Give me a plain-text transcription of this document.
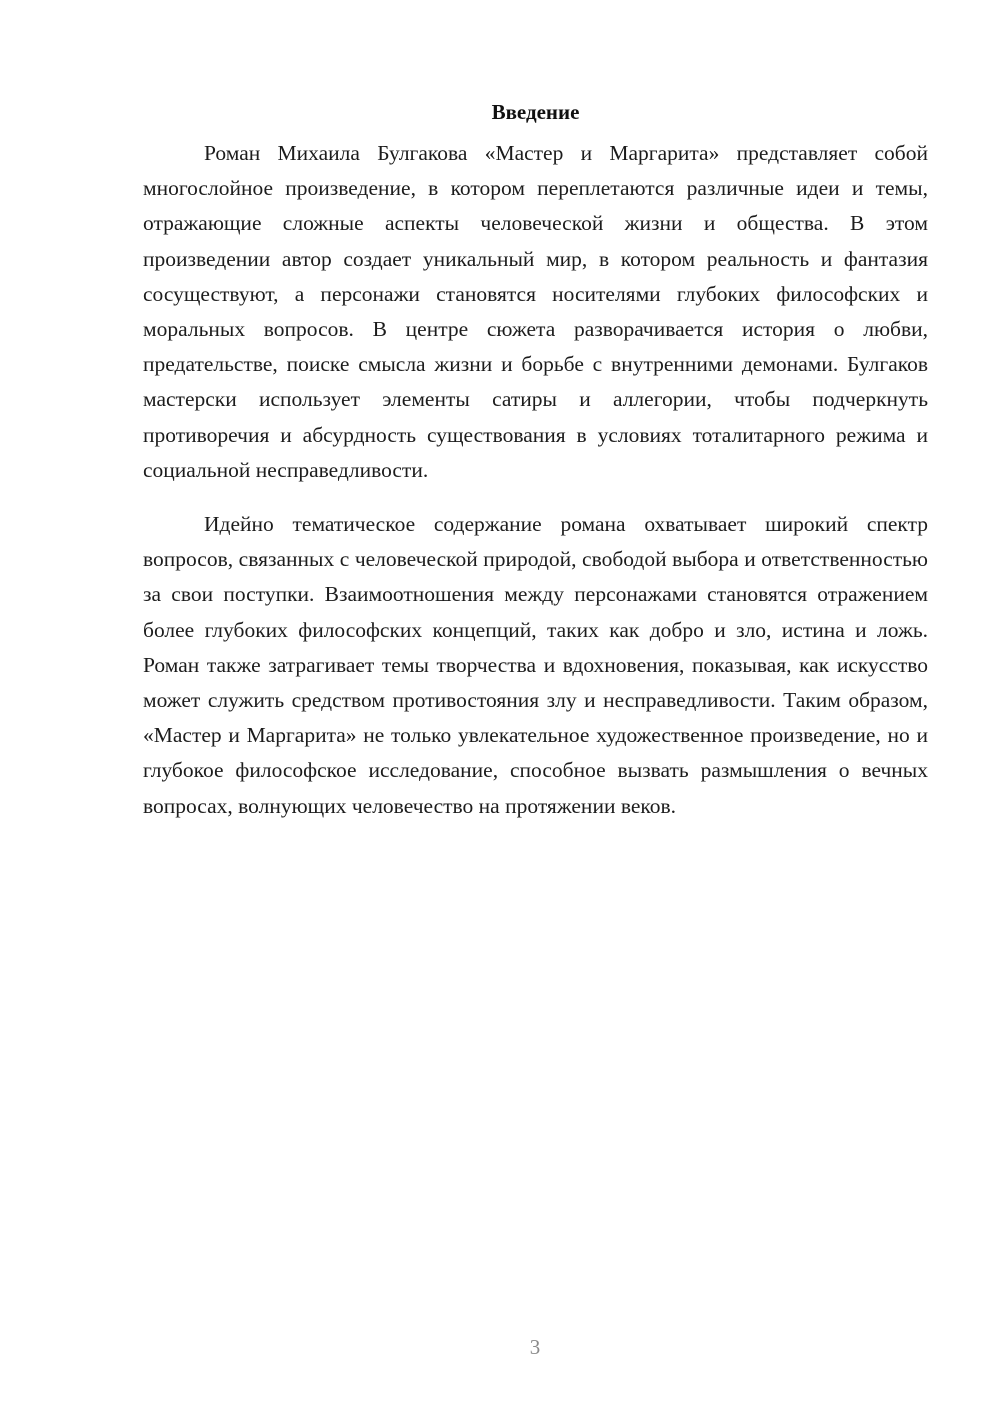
Введение

Роман Михаила Булгакова «Мастер и Маргарита» представляет собой многослойное произведение, в котором переплетаются различные идеи и темы, отражающие сложные аспекты человеческой жизни и общества. В этом произведении автор создает уникальный мир, в котором реальность и фантазия сосуществуют, а персонажи становятся носителями глубоких философских и моральных вопросов. В центре сюжета разворачивается история о любви, предательстве, поиске смысла жизни и борьбе с внутренними демонами. Булгаков мастерски использует элементы сатиры и аллегории, чтобы подчеркнуть противоречия и абсурдность существования в условиях тоталитарного режима и социальной несправедливости.

Идейно тематическое содержание романа охватывает широкий спектр вопросов, связанных с человеческой природой, свободой выбора и ответственностью за свои поступки. Взаимоотношения между персонажами становятся отражением более глубоких философских концепций, таких как добро и зло, истина и ложь. Роман также затрагивает темы творчества и вдохновения, показывая, как искусство может служить средством противостояния злу и несправедливости. Таким образом, «Мастер и Маргарита» не только увлекательное художественное произведение, но и глубокое философское исследование, способное вызвать размышления о вечных вопросах, волнующих человечество на протяжении веков.

3
